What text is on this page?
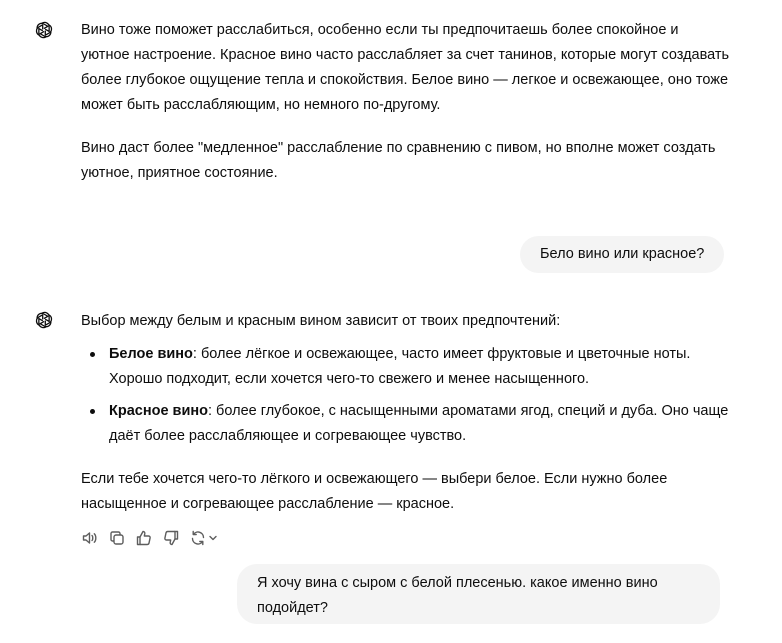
Вино тоже поможет расслабиться, особенно если ты предпочитаешь более спокойное и уютное настроение. Красное вино часто расслабляет за счет танинов, которые могут создавать более глубокое ощущение тепла и спокойствия. Белое вино — легкое и освежающее, оно тоже может быть расслабляющим, но немного по-другому.

Вино даст более "медленное" расслабление по сравнению с пивом, но вполне может создать уютное, приятное состояние.

Бело вино или красное?

Выбор между белым и красным вином зависит от твоих предпочтений:

Белое вино: более лёгкое и освежающее, часто имеет фруктовые и цветочные ноты. Хорошо подходит, если хочется чего-то свежего и менее насыщенного.
Красное вино: более глубокое, с насыщенными ароматами ягод, специй и дуба. Оно чаще даёт более расслабляющее и согревающее чувство.

Если тебе хочется чего-то лёгкого и освежающего — выбери белое. Если нужно более насыщенное и согревающее расслабление — красное.

Я хочу вина с сыром с белой плесенью. какое именно вино подойдет?
